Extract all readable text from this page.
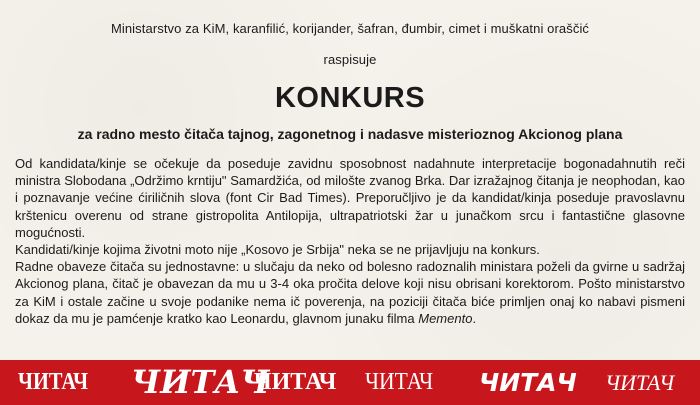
Ministarstvo za KiM, karanfilić, korijander, šafran, đumbir, cimet i muškatni oraščić
raspisuje
KONKURS
za radno mesto čitača tajnog, zagonetnog i nadasve misterioznog Akcionog plana

Od kandidata/kinje se očekuje da poseduje zavidnu sposobnost nadahnute interpretacije bogonadahnutih reči ministra Slobodana „Održimo krntiju" Samardžića, od milošte zvanog Brka. Dar izražajnog čitanja je neophodan, kao i poznavanje većine ćiriličnih slova (font Cir Bad Times). Preporučljivo je da kandidat/kinja poseduje pravoslavnu krštenicu overenu od strane gistropolita Antilopija, ultrapatriotski žar u junačkom srcu i fantastične glasovne mogućnosti.

Kandidati/kinje kojima životni moto nije „Kosovo je Srbija" neka se ne prijavljuju na konkurs.

Radne obaveze čitača su jednostavne: u slučaju da neko od bolesno radoznalih ministara poželi da gvirne u sadržaj Akcionog plana, čitač je obavezan da mu u 3-4 oka pročita delove koji nisu obrisani korektorom. Pošto ministarstvo za KiM i ostale začine u svoje podanike nema ič poverenja, na poziciji čitača biće primljen onaj ko nabavi pismeni dokaz da mu je pamćenje kratko kao Leonardu, glavnom junaku filma Memento.

ЧИТАЧ ЧИТАЧ
ЧИТАЧ ЧИТАЧ ЧИТАЧ ЧИТАЧ
